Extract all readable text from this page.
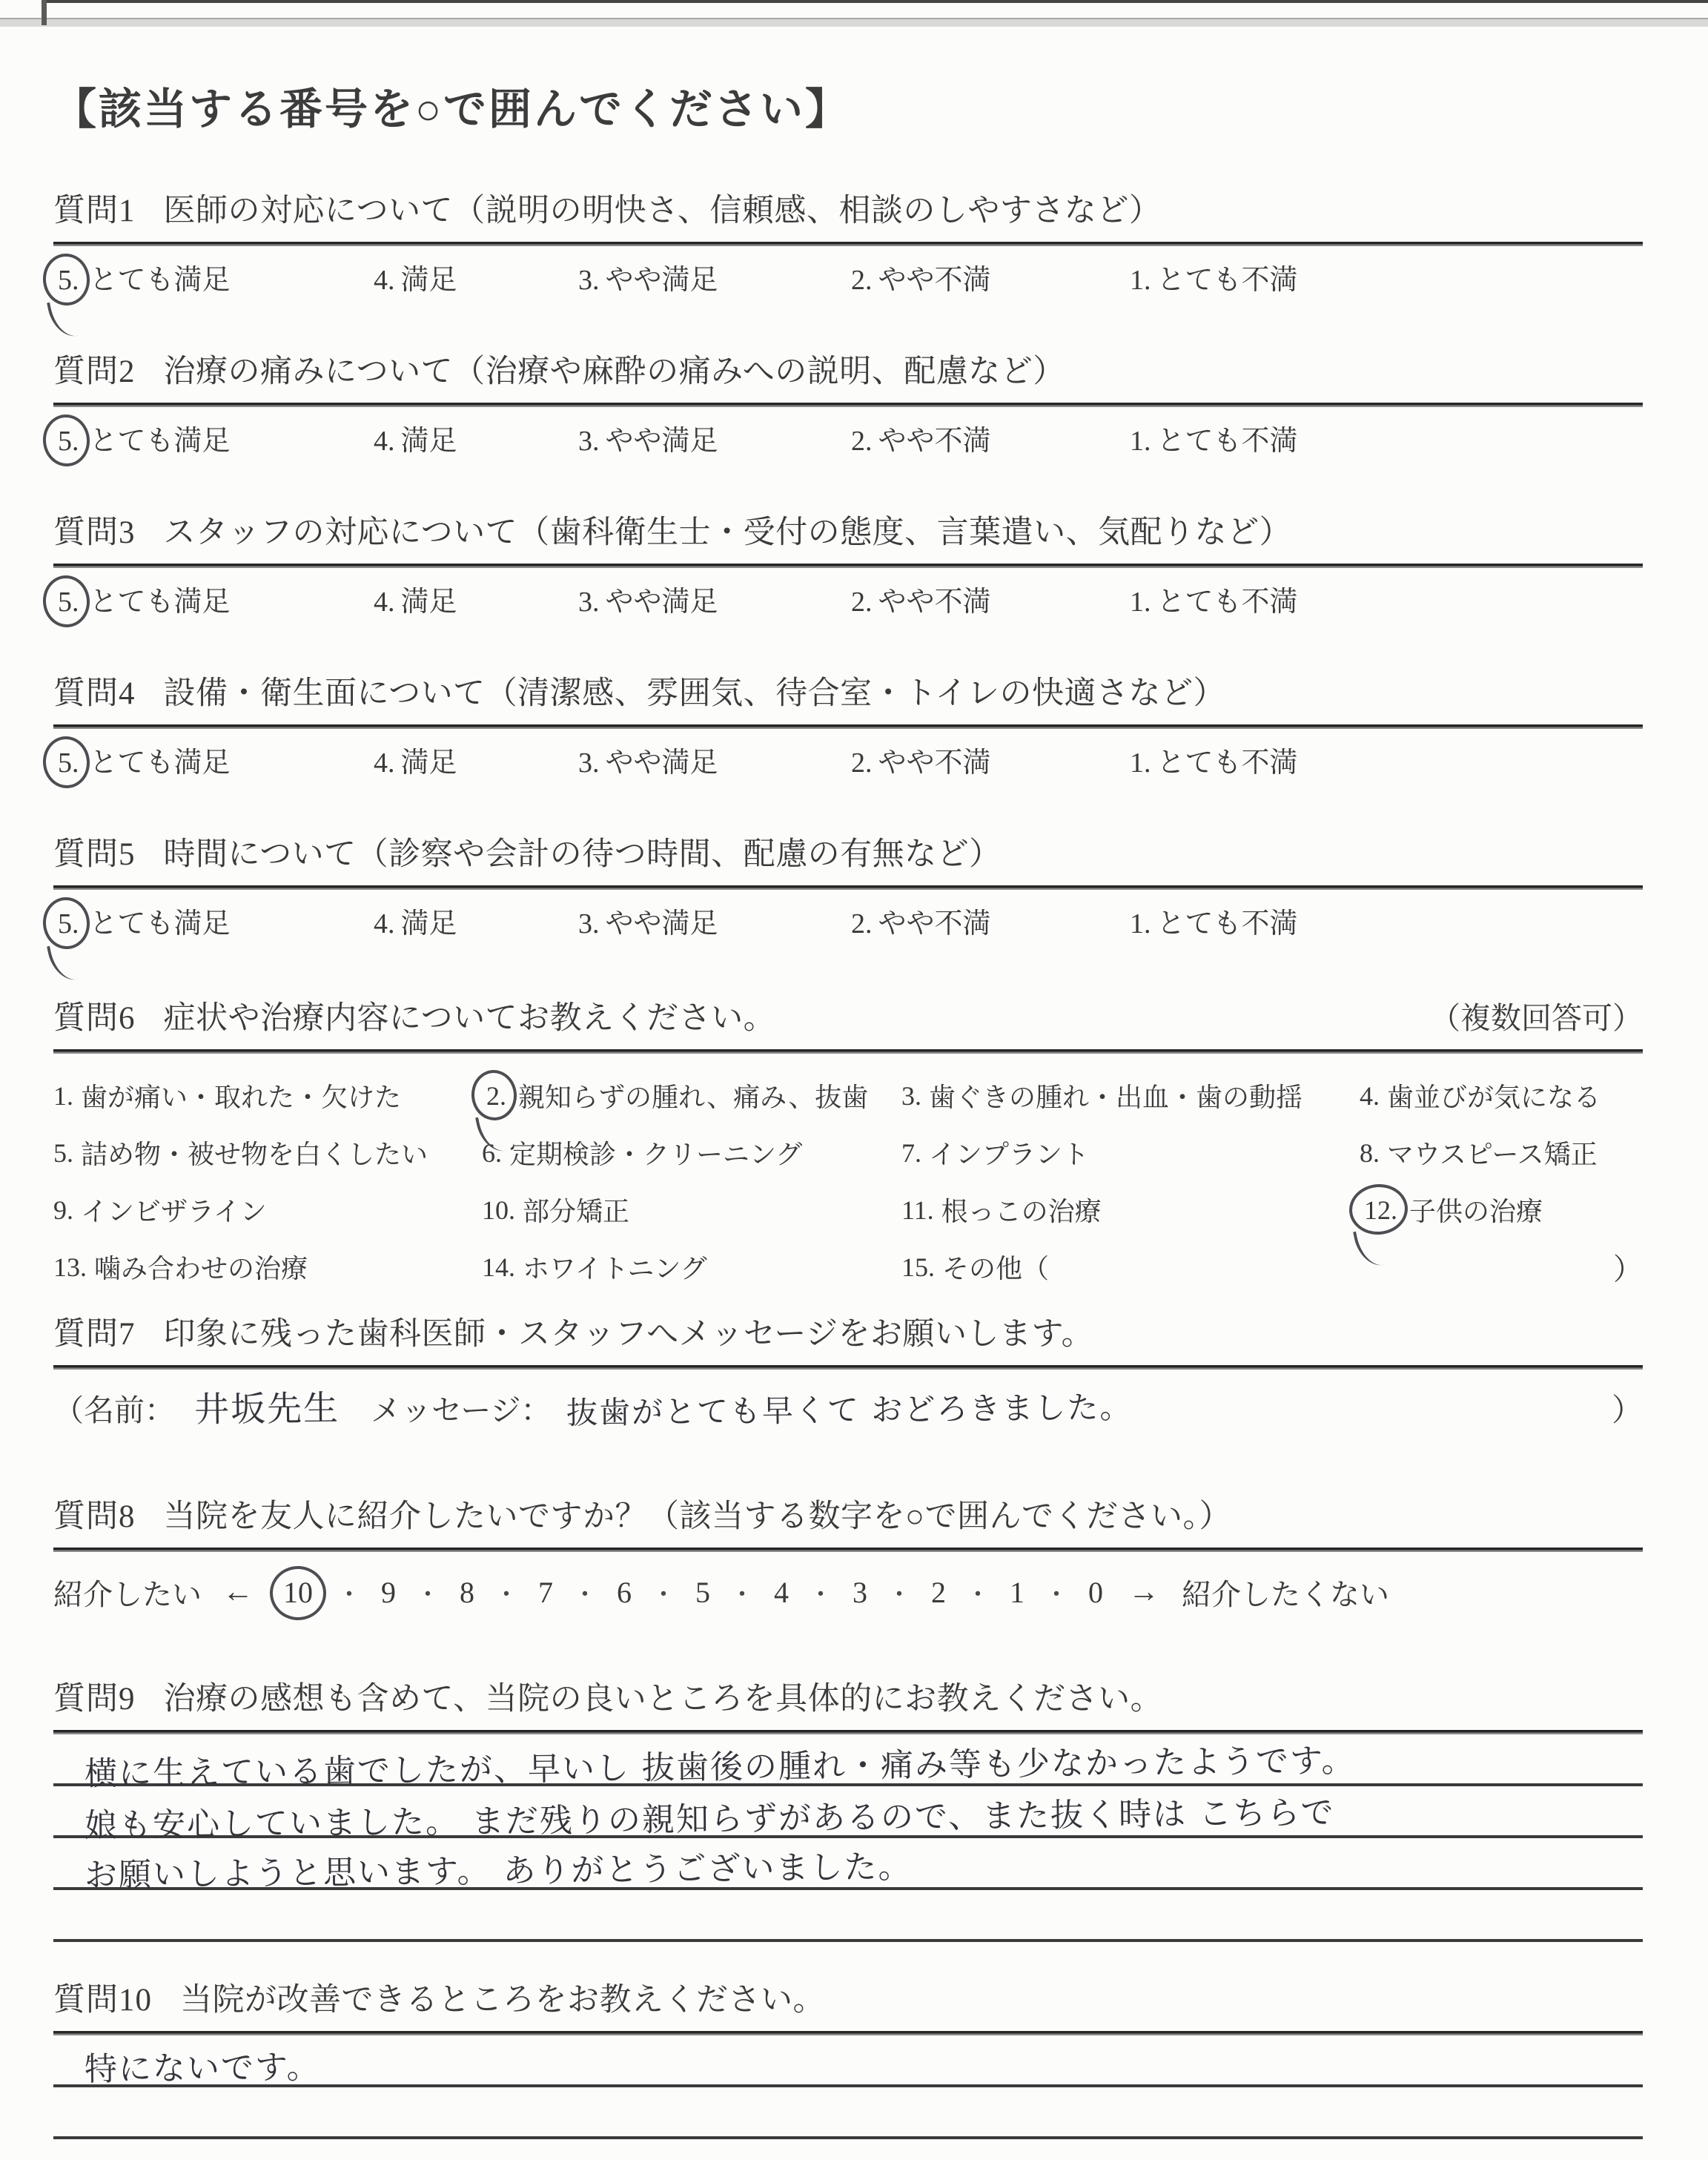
【該当する番号を○で囲んでください】
質問1 医師の対応について（説明の明快さ、信頼感、相談のしやすさなど）
5. とても満足	4. 満足	3. やや満足	2. やや不満	1. とても不満
質問2 治療の痛みについて（治療や麻酔の痛みへの説明、配慮など）
5. とても満足	4. 満足	3. やや満足	2. やや不満	1. とても不満
質問3 スタッフの対応について（歯科衛生士・受付の態度、言葉遣い、気配りなど）
5. とても満足	4. 満足	3. やや満足	2. やや不満	1. とても不満
質問4 設備・衛生面について（清潔感、雰囲気、待合室・トイレの快適さなど）
5. とても満足	4. 満足	3. やや満足	2. やや不満	1. とても不満
質問5 時間について（診察や会計の待つ時間、配慮の有無など）
5. とても満足	4. 満足	3. やや満足	2. やや不満	1. とても不満
質問6 症状や治療内容についてお教えください。	（複数回答可）
1. 歯が痛い・取れた・欠けた	2. 親知らずの腫れ、痛み、抜歯 3. 歯ぐきの腫れ・出血・歯の動揺 4. 歯並びが気になる
5. 詰め物・被せ物を白くしたい 6. 定期検診・クリーニング	7. インプラント	8. マウスピース矯正
9. インビザライン	10. 部分矯正	11. 根っこの治療	12. 子供の治療
13. 噛み合わせの治療	14. ホワイトニング	15. その他（	）
質問7 印象に残った歯科医師・スタッフへメッセージをお願いします。
（名前： 井坂先生 メッセージ： 抜歯がとても早くて おどろきました。	）
質問8 当院を友人に紹介したいですか？（該当する数字を○で囲んでください。）
紹介したい ← 10 ・ 9 ・ 8 ・ 7 ・ 6 ・ 5 ・ 4 ・ 3 ・ 2 ・ 1 ・ 0 → 紹介したくない
質問9 治療の感想も含めて、当院の良いところを具体的にお教えください。
横に生えている歯でしたが、早いし 抜歯後の腫れ・痛み等も少なかったようです。
娘も安心していました。 まだ残りの親知らずがあるので、また抜く時は こちらで
お願いしようと思います。 ありがとうございました。
質問10 当院が改善できるところをお教えください。
特にないです。
